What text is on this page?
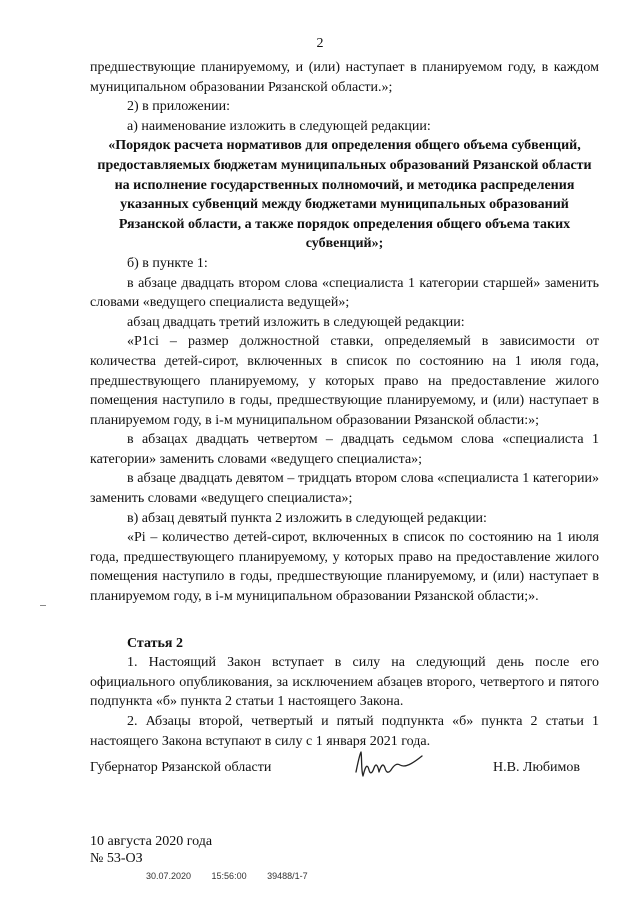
2

предшествующие планируемому, и (или) наступает в планируемом году, в каждом муниципальном образовании Рязанской области.»;

2) в приложении:

а) наименование изложить в следующей редакции:

«Порядок расчета нормативов для определения общего объема субвенций, предоставляемых бюджетам муниципальных образований Рязанской области на исполнение государственных полномочий, и методика распределения указанных субвенций между бюджетами муниципальных образований Рязанской области, а также порядок определения общего объема таких субвенций»;

б) в пункте 1:

в абзаце двадцать втором слова «специалиста 1 категории старшей» заменить словами «ведущего специалиста ведущей»;

абзац двадцать третий изложить в следующей редакции:

«P1ci – размер должностной ставки, определяемый в зависимости от количества детей-сирот, включенных в список по состоянию на 1 июля года, предшествующего планируемому, у которых право на предоставление жилого помещения наступило в годы, предшествующие планируемому, и (или) наступает в планируемом году, в i-м муниципальном образовании Рязанской области:»;

в абзацах двадцать четвертом – двадцать седьмом слова «специалиста 1 категории» заменить словами «ведущего специалиста»;

в абзаце двадцать девятом – тридцать втором слова «специалиста 1 категории» заменить словами «ведущего специалиста»;

в) абзац девятый пункта 2 изложить в следующей редакции:

«Pi – количество детей-сирот, включенных в список по состоянию на 1 июля года, предшествующего планируемому, у которых право на предоставление жилого помещения наступило в годы, предшествующие планируемому, и (или) наступает в планируемом году, в i-м муниципальном образовании Рязанской области;».

Статья 2

1. Настоящий Закон вступает в силу на следующий день после его официального опубликования, за исключением абзацев второго, четвертого и пятого подпункта «б» пункта 2 статьи 1 настоящего Закона.

2. Абзацы второй, четвертый и пятый подпункта «б» пункта 2 статьи 1 настоящего Закона вступают в силу с 1 января 2021 года.

Губернатор Рязанской области	Н.В. Любимов
10 августа 2020 года
№ 53-ОЗ
30.07.2020 15:56:00 39488/1-7
